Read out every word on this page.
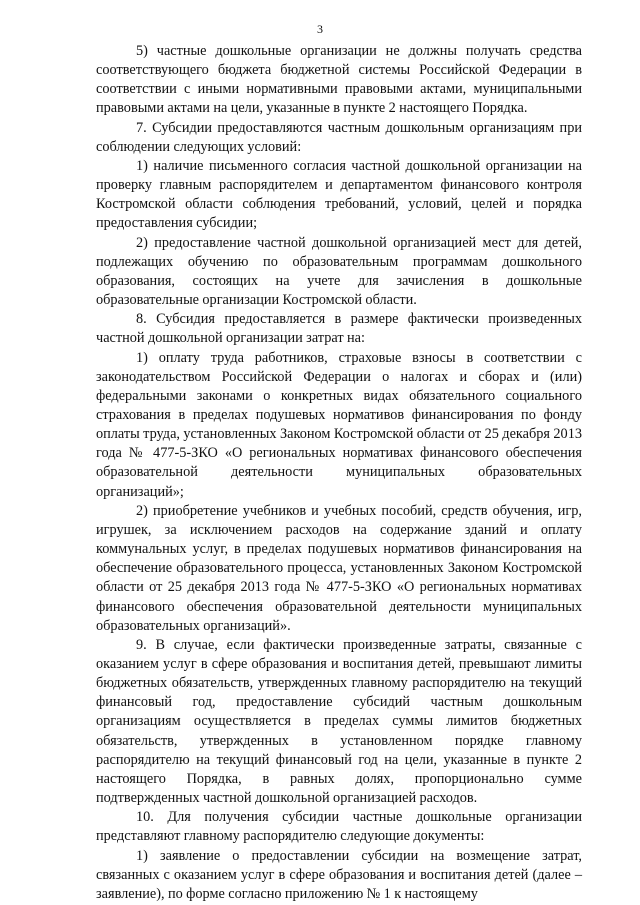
3

5) частные дошкольные организации не должны получать средства соответствующего бюджета бюджетной системы Российской Федерации в соответствии с иными нормативными правовыми актами, муниципальными правовыми актами на цели, указанные в пункте 2 настоящего Порядка.

7. Субсидии предоставляются частным дошкольным организациям при соблюдении следующих условий:

1) наличие письменного согласия частной дошкольной организации на проверку главным распорядителем и департаментом финансового контроля Костромской области соблюдения требований, условий, целей и порядка предоставления субсидии;

2) предоставление частной дошкольной организацией мест для детей, подлежащих обучению по образовательным программам дошкольного образования, состоящих на учете для зачисления в дошкольные образовательные организации Костромской области.

8. Субсидия предоставляется в размере фактически произведенных частной дошкольной организации затрат на:

1) оплату труда работников, страховые взносы в соответствии с законодательством Российской Федерации о налогах и сборах и (или) федеральными законами о конкретных видах обязательного социального страхования в пределах подушевых нормативов финансирования по фонду оплаты труда, установленных Законом Костромской области от 25 декабря 2013 года № 477-5-ЗКО «О региональных нормативах финансового обеспечения образовательной деятельности муниципальных образовательных организаций»;

2) приобретение учебников и учебных пособий, средств обучения, игр, игрушек, за исключением расходов на содержание зданий и оплату коммунальных услуг, в пределах подушевых нормативов финансирования на обеспечение образовательного процесса, установленных Законом Костромской области от 25 декабря 2013 года № 477-5-ЗКО «О региональных нормативах финансового обеспечения образовательной деятельности муниципальных образовательных организаций».

9. В случае, если фактически произведенные затраты, связанные с оказанием услуг в сфере образования и воспитания детей, превышают лимиты бюджетных обязательств, утвержденных главному распорядителю на текущий финансовый год, предоставление субсидий частным дошкольным организациям осуществляется в пределах суммы лимитов бюджетных обязательств, утвержденных в установленном порядке главному распорядителю на текущий финансовый год на цели, указанные в пункте 2 настоящего Порядка, в равных долях, пропорционально сумме подтвержденных частной дошкольной организацией расходов.

10. Для получения субсидии частные дошкольные организации представляют главному распорядителю следующие документы:

1) заявление о предоставлении субсидии на возмещение затрат, связанных с оказанием услуг в сфере образования и воспитания детей (далее – заявление), по форме согласно приложению № 1 к настоящему
